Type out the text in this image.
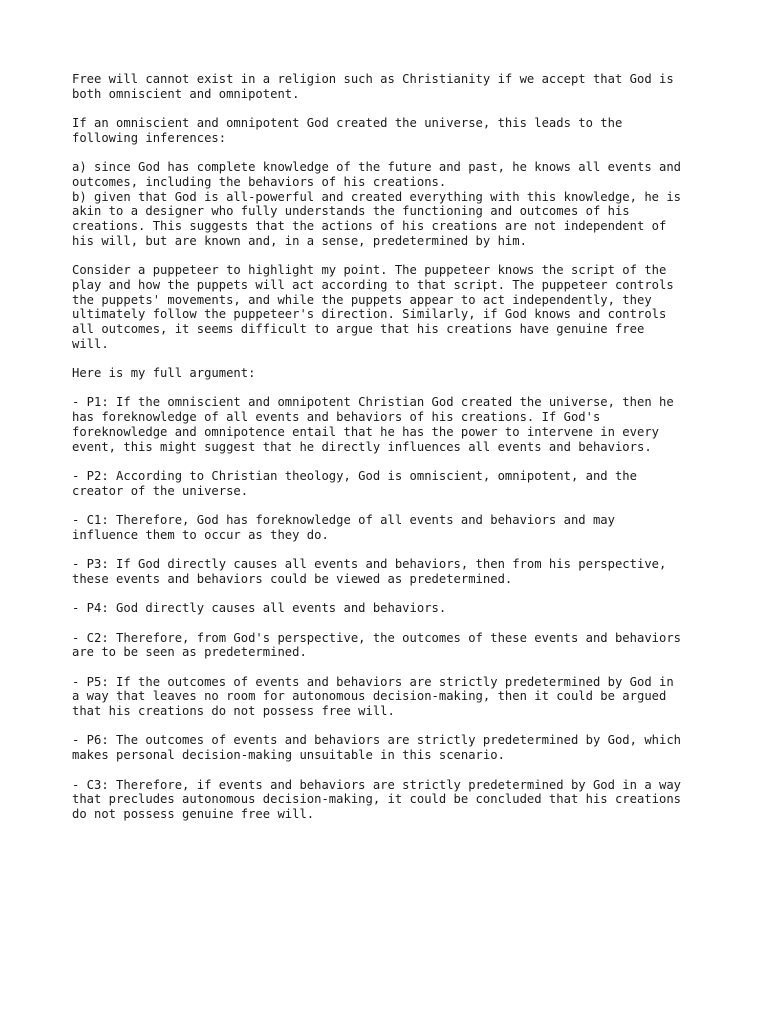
Free will cannot exist in a religion such as Christianity if we accept that God is
both omniscient and omnipotent.

If an omniscient and omnipotent God created the universe, this leads to the
following inferences:

a) since God has complete knowledge of the future and past, he knows all events and
outcomes, including the behaviors of his creations.
b) given that God is all-powerful and created everything with this knowledge, he is
akin to a designer who fully understands the functioning and outcomes of his
creations. This suggests that the actions of his creations are not independent of
his will, but are known and, in a sense, predetermined by him.

Consider a puppeteer to highlight my point. The puppeteer knows the script of the
play and how the puppets will act according to that script. The puppeteer controls
the puppets' movements, and while the puppets appear to act independently, they
ultimately follow the puppeteer's direction. Similarly, if God knows and controls
all outcomes, it seems difficult to argue that his creations have genuine free
will.

Here is my full argument:

- P1: If the omniscient and omnipotent Christian God created the universe, then he
has foreknowledge of all events and behaviors of his creations. If God's
foreknowledge and omnipotence entail that he has the power to intervene in every
event, this might suggest that he directly influences all events and behaviors.

- P2: According to Christian theology, God is omniscient, omnipotent, and the
creator of the universe.

- C1: Therefore, God has foreknowledge of all events and behaviors and may
influence them to occur as they do.

- P3: If God directly causes all events and behaviors, then from his perspective,
these events and behaviors could be viewed as predetermined.

- P4: God directly causes all events and behaviors.

- C2: Therefore, from God's perspective, the outcomes of these events and behaviors
are to be seen as predetermined.

- P5: If the outcomes of events and behaviors are strictly predetermined by God in
a way that leaves no room for autonomous decision-making, then it could be argued
that his creations do not possess free will.

- P6: The outcomes of events and behaviors are strictly predetermined by God, which
makes personal decision-making unsuitable in this scenario.

- C3: Therefore, if events and behaviors are strictly predetermined by God in a way
that precludes autonomous decision-making, it could be concluded that his creations
do not possess genuine free will.
